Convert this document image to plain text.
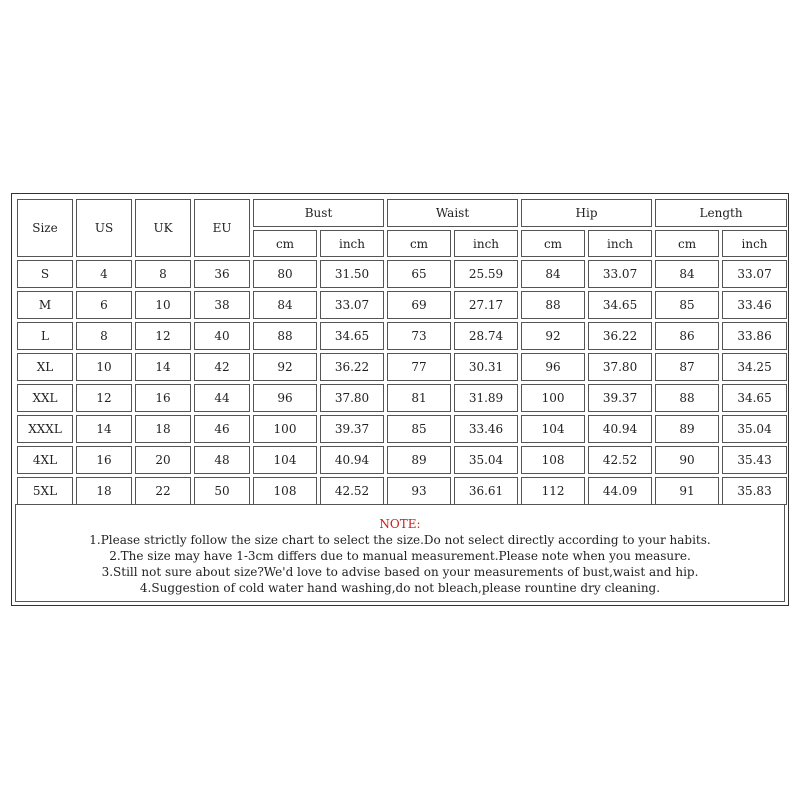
Size	US	UK	EU	Bust		Waist		Hip		Length	
				cm	inch	cm	inch	cm	inch	cm	inch
S	4	8	36	80	31.50	65	25.59	84	33.07	84	33.07
M	6	10	38	84	33.07	69	27.17	88	34.65	85	33.46
L	8	12	40	88	34.65	73	28.74	92	36.22	86	33.86
XL	10	14	42	92	36.22	77	30.31	96	37.80	87	34.25
XXL	12	16	44	96	37.80	81	31.89	100	39.37	88	34.65
XXXL	14	18	46	100	39.37	85	33.46	104	40.94	89	35.04
4XL	16	20	48	104	40.94	89	35.04	108	42.52	90	35.43
5XL	18	22	50	108	42.52	93	36.61	112	44.09	91	35.83
NOTE:
1.Please strictly follow the size chart to select the size.Do not select directly according to your habits.
2.The size may have 1-3cm differs due to manual measurement.Please note when you measure.
3.Still not sure about size?We'd love to advise based on your measurements of bust,waist and hip.
4.Suggestion of cold water hand washing,do not bleach,please rountine dry cleaning.
